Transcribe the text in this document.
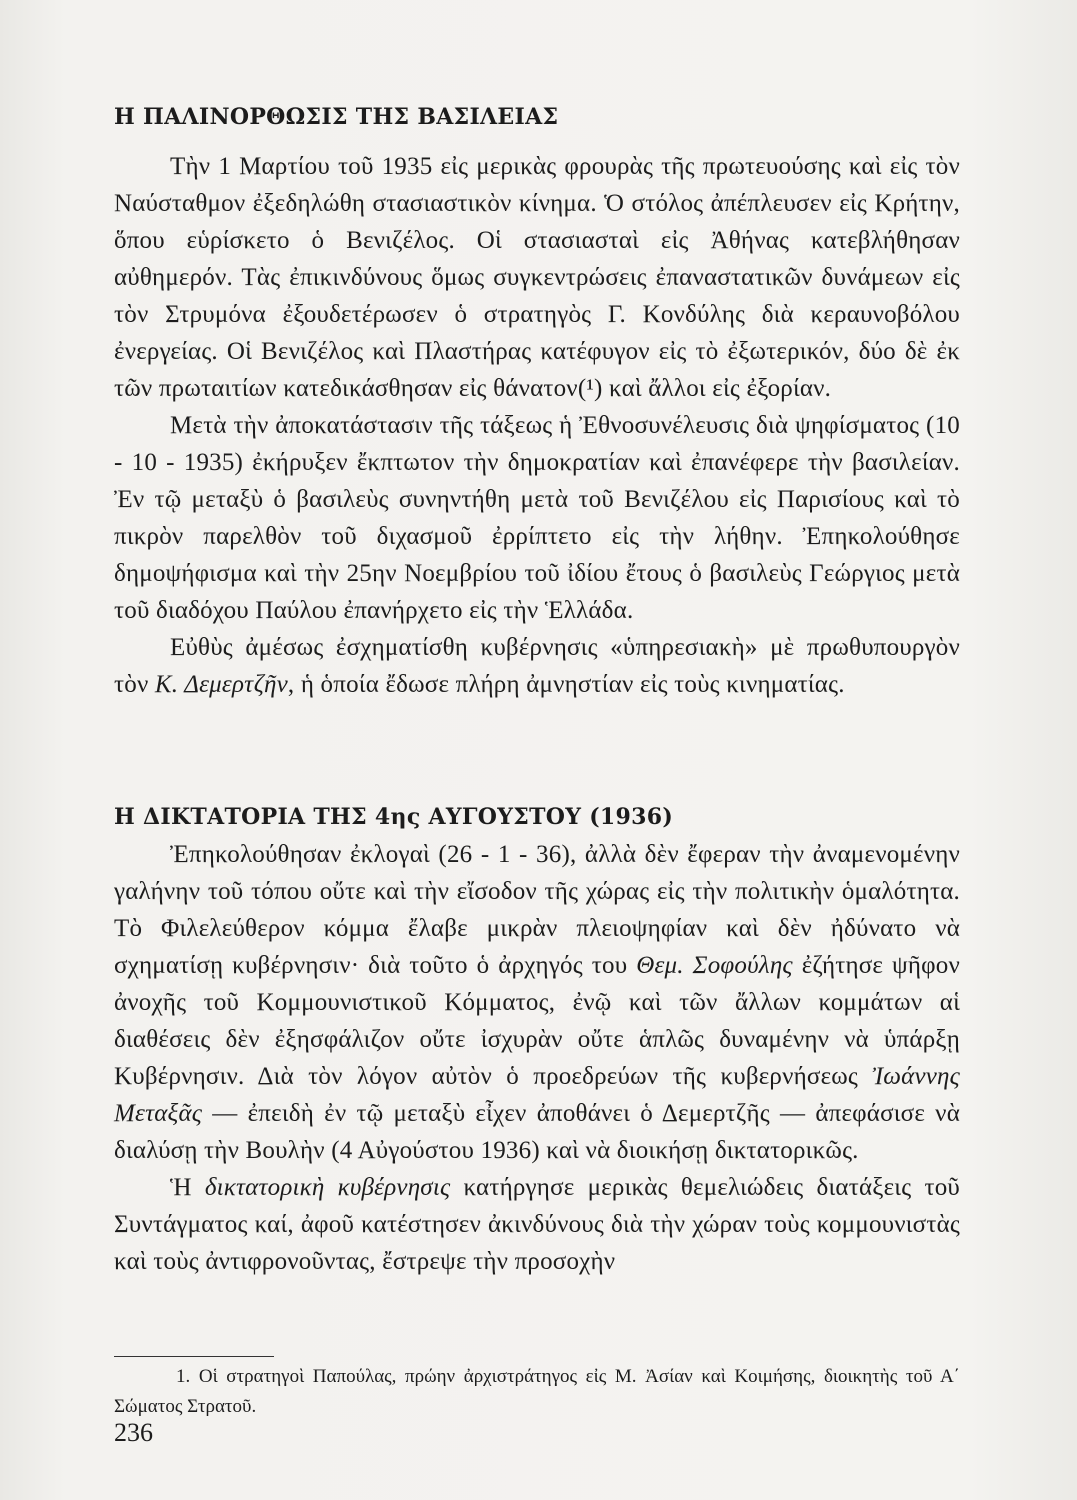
Η ΠΑΛΙΝΟΡΘΩΣΙΣ ΤΗΣ ΒΑΣΙΛΕΙΑΣ

Τὴν 1 Μαρτίου τοῦ 1935 εἰς μερικὰς φρουρὰς τῆς πρωτευούσης καὶ εἰς τὸν Ναύσταθμον ἐξεδηλώθη στασιαστικὸν κίνημα. Ὁ στόλος ἀπέπλευσεν εἰς Κρήτην, ὅπου εὑρίσκετο ὁ Βενιζέλος. Οἱ στασιασταὶ εἰς Ἀθήνας κατεβλήθησαν αὐθημερόν. Τὰς ἐπικινδύνους ὅμως συγκεντρώσεις ἐπαναστατικῶν δυνάμεων εἰς τὸν Στρυμόνα ἐξουδετέρωσεν ὁ στρατηγὸς Γ. Κονδύλης διὰ κεραυνοβόλου ἐνεργείας. Οἱ Βενιζέλος καὶ Πλαστήρας κατέφυγον εἰς τὸ ἐξωτερικόν, δύο δὲ ἐκ τῶν πρωταιτίων κατεδικάσθησαν εἰς θάνατον(¹) καὶ ἄλλοι εἰς ἐξορίαν.

Μετὰ τὴν ἀποκατάστασιν τῆς τάξεως ἡ Ἐθνοσυνέλευσις διὰ ψηφίσματος (10 - 10 - 1935) ἐκήρυξεν ἔκπτωτον τὴν δημοκρατίαν καὶ ἐπανέφερε τὴν βασιλείαν. Ἐν τῷ μεταξὺ ὁ βασιλεὺς συνηντήθη μετὰ τοῦ Βενιζέλου εἰς Παρισίους καὶ τὸ πικρὸν παρελθὸν τοῦ διχασμοῦ ἐρρίπτετο εἰς τὴν λήθην. Ἐπηκολούθησε δημοψήφισμα καὶ τὴν 25ην Νοεμβρίου τοῦ ἰδίου ἔτους ὁ βασιλεὺς Γεώργιος μετὰ τοῦ διαδόχου Παύλου ἐπανήρχετο εἰς τὴν Ἑλλάδα.

Εὐθὺς ἀμέσως ἐσχηματίσθη κυβέρνησις «ὑπηρεσιακὴ» μὲ πρωθυπουργὸν τὸν Κ. Δεμερτζῆν, ἡ ὁποία ἔδωσε πλήρη ἀμνηστίαν εἰς τοὺς κινηματίας.

Η ΔΙΚΤΑΤΟΡΙΑ ΤΗΣ 4ης ΑΥΓΟΥΣΤΟΥ (1936)

Ἐπηκολούθησαν ἐκλογαὶ (26 - 1 - 36), ἀλλὰ δὲν ἔφεραν τὴν ἀναμενομένην γαλήνην τοῦ τόπου οὔτε καὶ τὴν εἴσοδον τῆς χώρας εἰς τὴν πολιτικὴν ὁμαλότητα. Τὸ Φιλελεύθερον κόμμα ἔλαβε μικρὰν πλειοψηφίαν καὶ δὲν ἠδύνατο νὰ σχηματίσῃ κυβέρνησιν· διὰ τοῦτο ὁ ἀρχηγός του Θεμ. Σοφούλης ἐζήτησε ψῆφον ἀνοχῆς τοῦ Κομμουνιστικοῦ Κόμματος, ἐνῷ καὶ τῶν ἄλλων κομμάτων αἱ διαθέσεις δὲν ἐξησφάλιζον οὔτε ἰσχυρὰν οὔτε ἁπλῶς δυναμένην νὰ ὑπάρξῃ Κυβέρνησιν. Διὰ τὸν λόγον αὐτὸν ὁ προεδρεύων τῆς κυβερνήσεως Ἰωάννης Μεταξᾶς — ἐπειδὴ ἐν τῷ μεταξὺ εἶχεν ἀποθάνει ὁ Δεμερτζῆς — ἀπεφάσισε νὰ διαλύσῃ τὴν Βουλὴν (4 Αὐγούστου 1936) καὶ νὰ διοικήσῃ δικτατορικῶς.

Ἡ δικτατορικὴ κυβέρνησις κατήργησε μερικὰς θεμελιώδεις διατάξεις τοῦ Συντάγματος καί, ἀφοῦ κατέστησεν ἀκινδύνους διὰ τὴν χώραν τοὺς κομμουνιστὰς καὶ τοὺς ἀντιφρονοῦντας, ἔστρεψε τὴν προσοχὴν

1. Οἱ στρατηγοὶ Παπούλας, πρώην ἀρχιστράτηγος εἰς Μ. Ἀσίαν καὶ Κοιμήσης, διοικητὴς τοῦ Α΄ Σώματος Στρατοῦ.
236
